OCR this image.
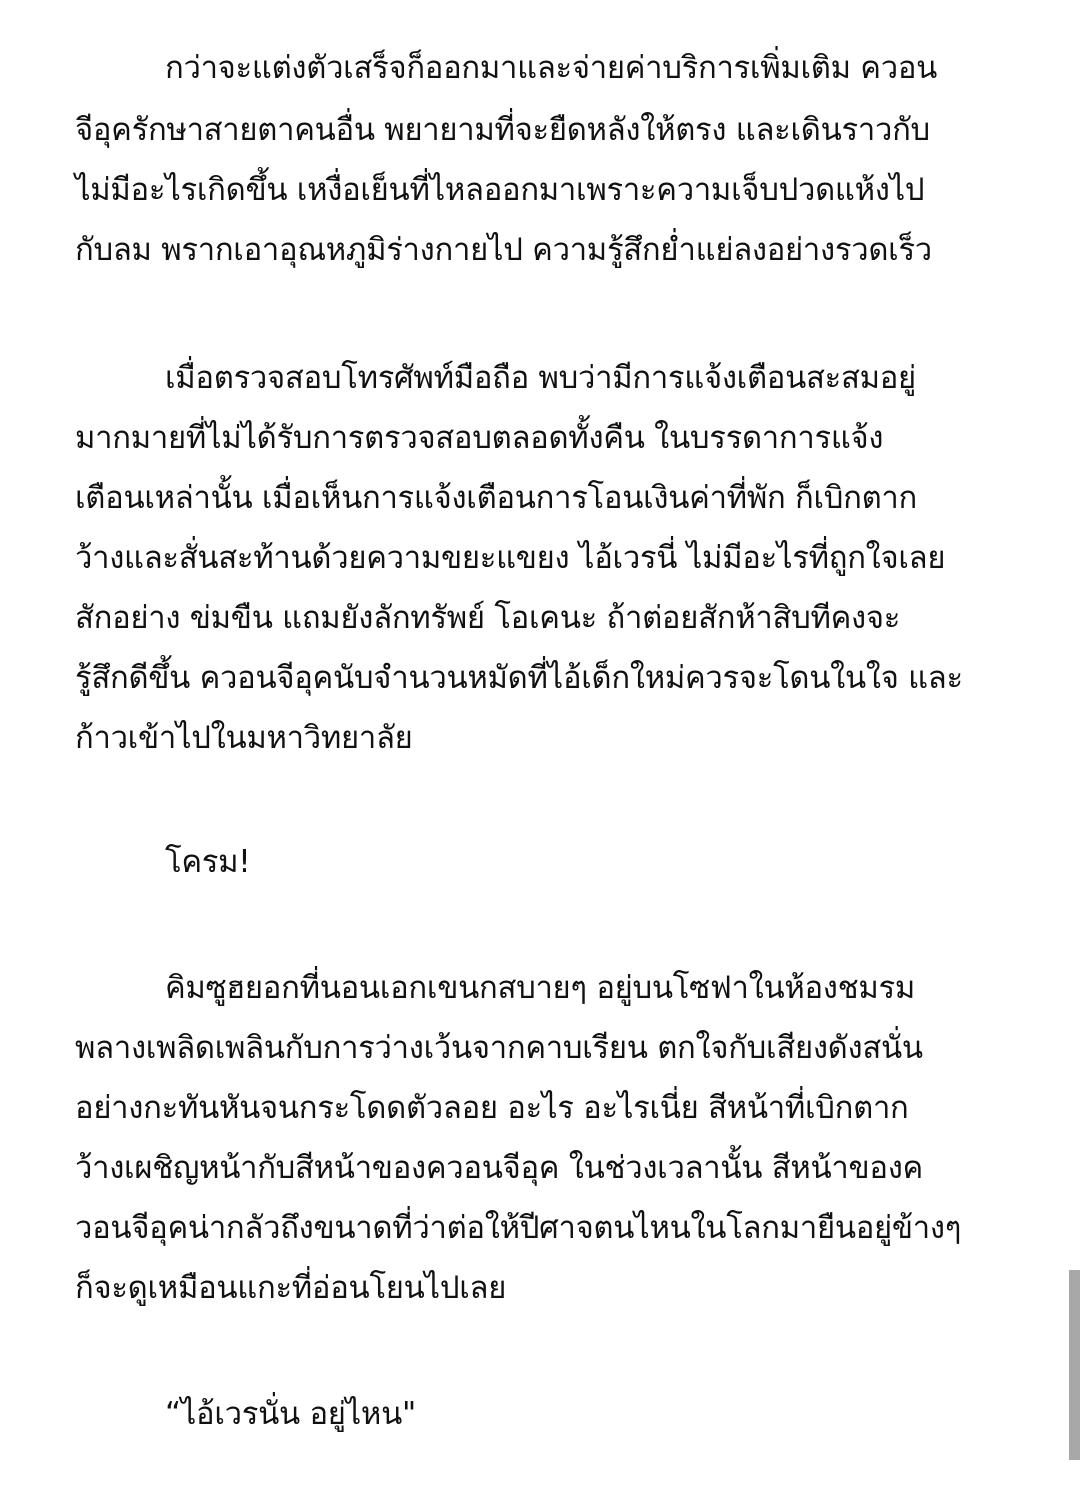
กว่าจะแต่งตัวเสร็จก็ออกมาและจ่ายค่าบริการเพิ่มเติม ควอน
จีอุครักษาสายตาคนอื่น พยายามที่จะยืดหลังให้ตรง และเดินราวกับ
ไม่มีอะไรเกิดขึ้น เหงื่อเย็นที่ไหลออกมาเพราะความเจ็บปวดแห้งไป
กับลม พรากเอาอุณหภูมิร่างกายไป ความรู้สึกย่ำแย่ลงอย่างรวดเร็ว
เมื่อตรวจสอบโทรศัพท์มือถือ พบว่ามีการแจ้งเตือนสะสมอยู่
มากมายที่ไม่ได้รับการตรวจสอบตลอดทั้งคืน ในบรรดาการแจ้ง
เตือนเหล่านั้น เมื่อเห็นการแจ้งเตือนการโอนเงินค่าที่พัก ก็เบิกตาก
ว้างและสั่นสะท้านด้วยความขยะแขยง ไอ้เวรนี่ ไม่มีอะไรที่ถูกใจเลย
สักอย่าง ข่มขืน แถมยังลักทรัพย์ โอเคนะ ถ้าต่อยสักห้าสิบทีคงจะ
รู้สึกดีขึ้น ควอนจีอุคนับจำนวนหมัดที่ไอ้เด็กใหม่ควรจะโดนในใจ และ
ก้าวเข้าไปในมหาวิทยาลัย
โครม!
คิมซูฮยอกที่นอนเอกเขนกสบายๆ อยู่บนโซฟาในห้องชมรม
พลางเพลิดเพลินกับการว่างเว้นจากคาบเรียน ตกใจกับเสียงดังสนั่น
อย่างกะทันหันจนกระโดดตัวลอย อะไร อะไรเนี่ย สีหน้าที่เบิกตาก
ว้างเผชิญหน้ากับสีหน้าของควอนจีอุค ในช่วงเวลานั้น สีหน้าของค
วอนจีอุคน่ากลัวถึงขนาดที่ว่าต่อให้ปีศาจตนไหนในโลกมายืนอยู่ข้างๆ
ก็จะดูเหมือนแกะที่อ่อนโยนไปเลย
“ไอ้เวรนั่น อยู่ไหน"
